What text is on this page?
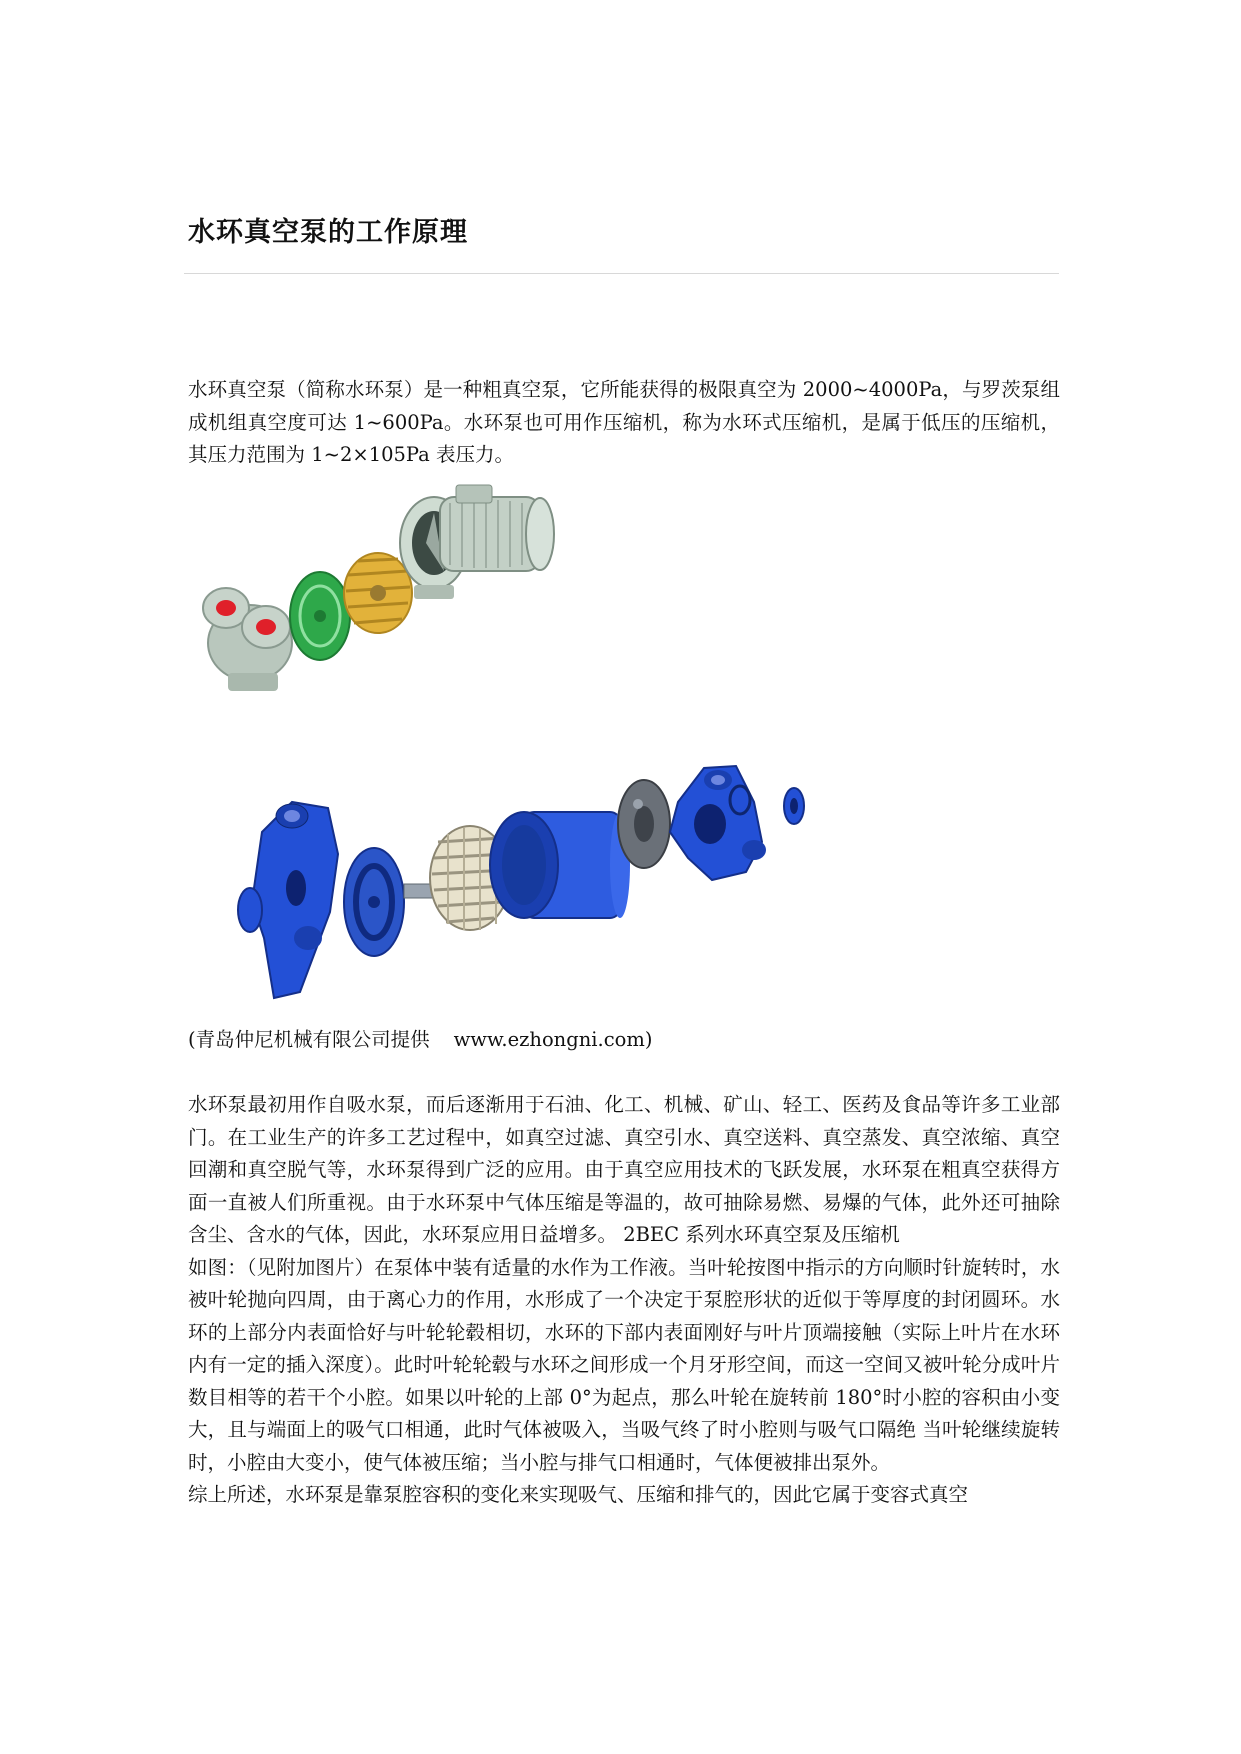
水环真空泵的工作原理

水环真空泵（简称水环泵）是一种粗真空泵，它所能获得的极限真空为 2000~4000Pa，与罗茨泵组成机组真空度可达 1~600Pa。水环泵也可用作压缩机，称为水环式压缩机，是属于低压的压缩机，其压力范围为 1~2×105Pa 表压力。

(青岛仲尼机械有限公司提供 www.ezhongni.com)

水环泵最初用作自吸水泵，而后逐渐用于石油、化工、机械、矿山、轻工、医药及食品等许多工业部门。在工业生产的许多工艺过程中，如真空过滤、真空引水、真空送料、真空蒸发、真空浓缩、真空回潮和真空脱气等，水环泵得到广泛的应用。由于真空应用技术的飞跃发展，水环泵在粗真空获得方面一直被人们所重视。由于水环泵中气体压缩是等温的，故可抽除易燃、易爆的气体，此外还可抽除含尘、含水的气体，因此，水环泵应用日益增多。 2BEC 系列水环真空泵及压缩机

如图：（见附加图片）在泵体中装有适量的水作为工作液。当叶轮按图中指示的方向顺时针旋转时，水被叶轮抛向四周，由于离心力的作用，水形成了一个决定于泵腔形状的近似于等厚度的封闭圆环。水环的上部分内表面恰好与叶轮轮毂相切，水环的下部内表面刚好与叶片顶端接触（实际上叶片在水环内有一定的插入深度）。此时叶轮轮毂与水环之间形成一个月牙形空间，而这一空间又被叶轮分成叶片数目相等的若干个小腔。如果以叶轮的上部 0°为起点，那么叶轮在旋转前 180°时小腔的容积由小变大，且与端面上的吸气口相通，此时气体被吸入，当吸气终了时小腔则与吸气口隔绝 当叶轮继续旋转时，小腔由大变小，使气体被压缩；当小腔与排气口相通时，气体便被排出泵外。

综上所述，水环泵是靠泵腔容积的变化来实现吸气、压缩和排气的，因此它属于变容式真空
